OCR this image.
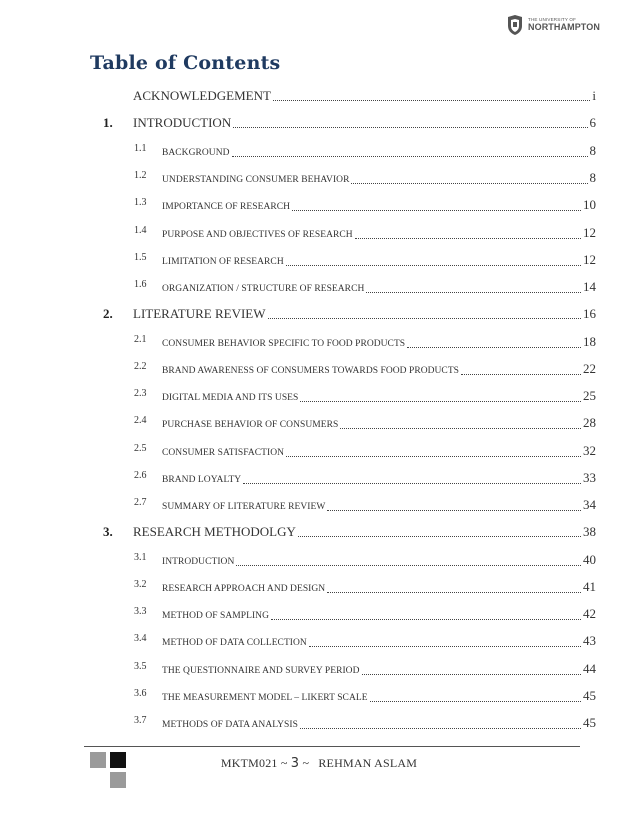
THE UNIVERSITY OF
NORTHAMPTON
Table of Contents
ACKNOWLEDGEMENT	i
1. INTRODUCTION	6
1.1 BACKGROUND	8
1.2 UNDERSTANDING CONSUMER BEHAVIOR	8
1.3 IMPORTANCE OF RESEARCH	10
1.4 PURPOSE AND OBJECTIVES OF RESEARCH	12
1.5 LIMITATION OF RESEARCH	12
1.6 ORGANIZATION / STRUCTURE OF RESEARCH	14
2. LITERATURE REVIEW	16
2.1 CONSUMER BEHAVIOR SPECIFIC TO FOOD PRODUCTS	18
2.2 BRAND AWARENESS OF CONSUMERS TOWARDS FOOD PRODUCTS	22
2.3 DIGITAL MEDIA AND ITS USES	25
2.4 PURCHASE BEHAVIOR OF CONSUMERS	28
2.5 CONSUMER SATISFACTION	32
2.6 BRAND LOYALTY	33
2.7 SUMMARY OF LITERATURE REVIEW	34
3. RESEARCH METHODOLGY	38
3.1 INTRODUCTION	40
3.2 RESEARCH APPROACH AND DESIGN	41
3.3 METHOD OF SAMPLING	42
3.4 METHOD OF DATA COLLECTION	43
3.5 THE QUESTIONNAIRE AND SURVEY PERIOD	44
3.6 THE MEASUREMENT MODEL – LIKERT SCALE	45
3.7 METHODS OF DATA ANALYSIS	45
MKTM021 ~ 3 ~ REHMAN ASLAM
